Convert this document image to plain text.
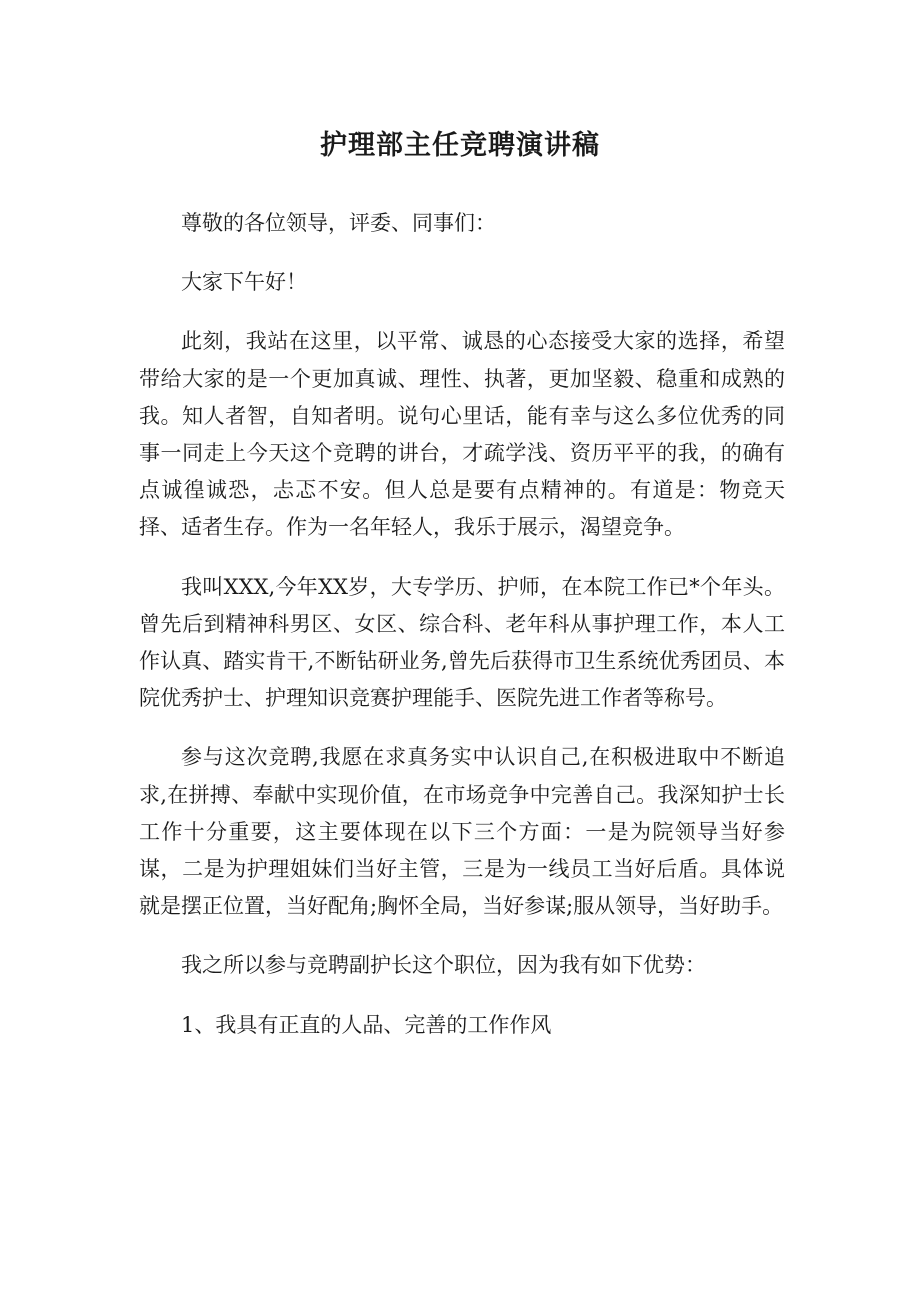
护理部主任竞聘演讲稿

尊敬的各位领导，评委、同事们：

大家下午好！

此刻，我站在这里，以平常、诚恳的心态接受大家的选择，希望带给大家的是一个更加真诚、理性、执著，更加坚毅、稳重和成熟的我。知人者智，自知者明。说句心里话，能有幸与这么多位优秀的同事一同走上今天这个竞聘的讲台，才疏学浅、资历平平的我，的确有点诚徨诚恐，忐忑不安。但人总是要有点精神的。有道是：物竞天择、适者生存。作为一名年轻人，我乐于展示，渴望竞争。

我叫XXX,今年XX岁，大专学历、护师，在本院工作已*个年头。曾先后到精神科男区、女区、综合科、老年科从事护理工作，本人工作认真、踏实肯干,不断钻研业务,曾先后获得市卫生系统优秀团员、本院优秀护士、护理知识竞赛护理能手、医院先进工作者等称号。

参与这次竞聘,我愿在求真务实中认识自己,在积极进取中不断追求,在拼搏、奉献中实现价值，在市场竞争中完善自己。我深知护士长工作十分重要，这主要体现在以下三个方面：一是为院领导当好参谋，二是为护理姐妹们当好主管，三是为一线员工当好后盾。具体说就是摆正位置，当好配角;胸怀全局，当好参谋;服从领导，当好助手。

我之所以参与竞聘副护长这个职位，因为我有如下优势：

1、我具有正直的人品、完善的工作作风
